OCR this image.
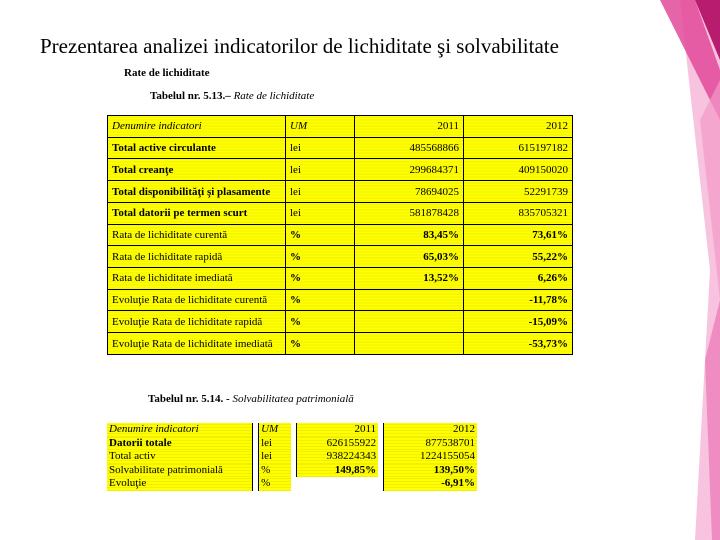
Prezentarea analizei indicatorilor de lichiditate şi solvabilitate
Rate de lichiditate
Tabelul nr. 5.13.– Rate de lichiditate
Denumire indicatori	UM	2011	2012
Total active circulante	lei	485568866	615197182
Total creanţe	lei	299684371	409150020
Total disponibilităţi şi plasamente	lei	78694025	52291739
Total datorii pe termen scurt	lei	581878428	835705321
Rata de lichiditate curentă	%	83,45%	73,61%
Rata de lichiditate rapidă	%	65,03%	55,22%
Rata de lichiditate imediată	%	13,52%	6,26%
Evoluţie Rata de lichiditate curentă	%		-11,78%
Evoluţie Rata de lichiditate rapidă	%		-15,09%
Evoluţie Rata de lichiditate imediată	%		-53,73%
Tabelul nr. 5.14. - Solvabilitatea patrimonială
Denumire indicatori		UM		2011		2012
Datorii totale		lei		626155922		877538701
Total activ		lei		938224343		1224155054
Solvabilitate patrimonială		%		149,85%		139,50%
Evoluţie		%				-6,91%
